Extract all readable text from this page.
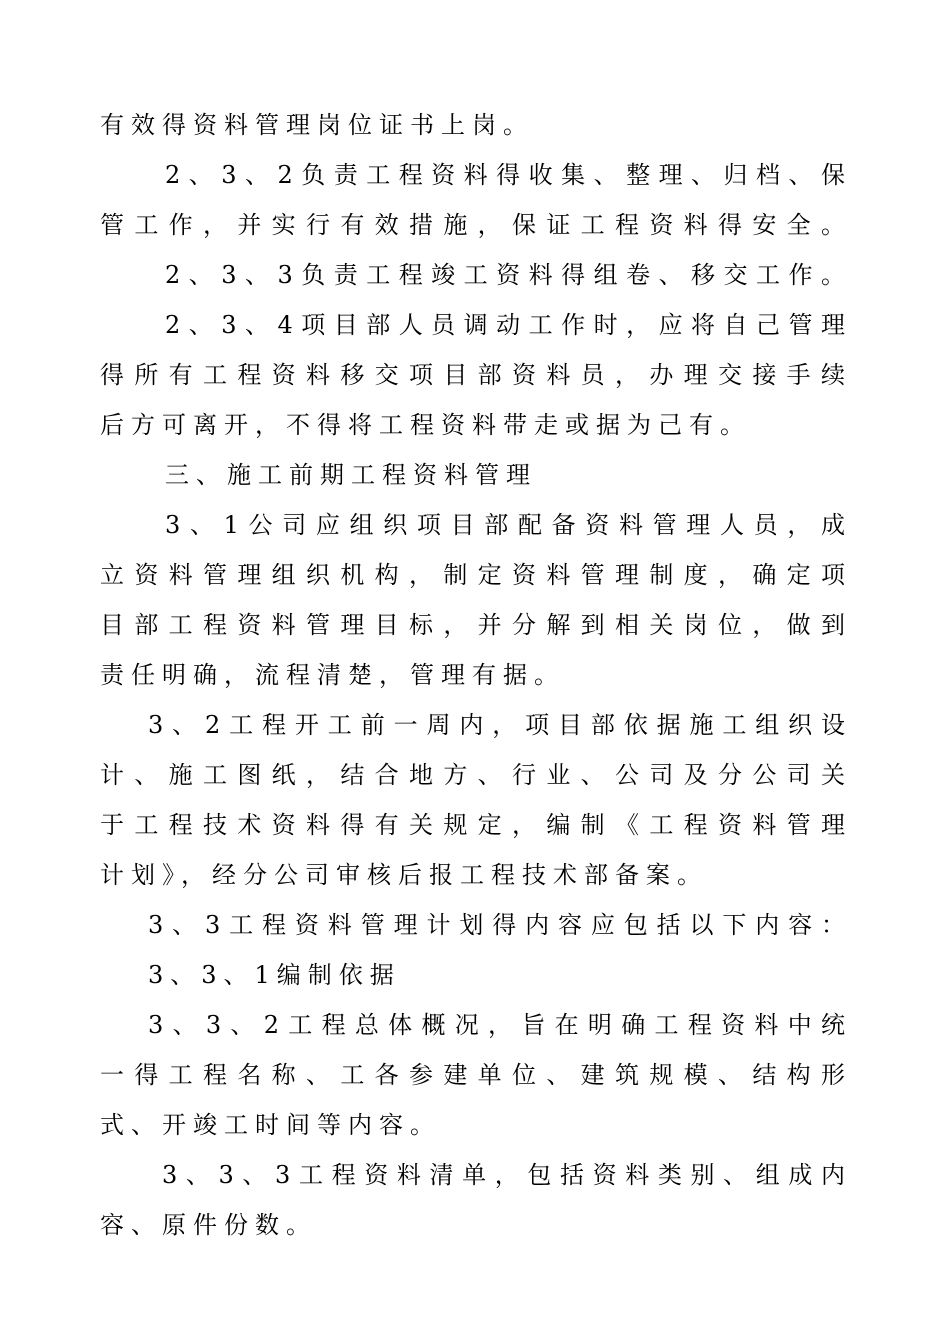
有效得资料管理岗位证书上岗。
2​、​3​、​2​负​责​工​程​资​料​得​收​集​、​整​理​、​归​档​、​保
管​工​作​，​并​实​行​有​效​措​施​，​保​证​工​程​资​料​得​安​全​。
2​、​3​、​3​负​责​工​程​竣​工​资​料​得​组​卷​、​移​交​工​作​。
2​、​3​、​4​项​目​部​人​员​调​动​工​作​时​，​应​将​自​己​管​理
得​所​有​工​程​资​料​移​交​项​目​部​资​料​员​，​办​理​交​接​手​续
后方可离开，不得将工程资料带走或据为己有。
三、施工前期工程资料管理
3​、​1​公​司​应​组​织​项​目​部​配​备​资​料​管​理​人​员​，​成
立​资​料​管​理​组​织​机​构​，​制​定​资​料​管​理​制​度​，​确​定​项
目​部​工​程​资​料​管​理​目​标​，​并​分​解​到​相​关​岗​位​，​做​到
责任明确，流程清楚，管理有据。
3​、​2​工​程​开​工​前​一​周​内​，​项​目​部​依​据​施​工​组​织​设
计​、​施​工​图​纸​，​结​合​地​方​、​行​业​、​公​司​及​分​公​司​关
于​工​程​技​术​资​料​得​有​关​规​定​，​编​制​《​工​程​资​料​管​理
计划》，经分公司审核后报工程技术部备案。
3​、​3​工​程​资​料​管​理​计​划​得​内​容​应​包​括​以​下​内​容​：
3、3、1编制依据
3​、​3​、​2​工​程​总​体​概​况​，​旨​在​明​确​工​程​资​料​中​统
一​得​工​程​名​称​、​工​各​参​建​单​位​、​建​筑​规​模​、​结​构​形
式、开竣工时间等内容。
3​、​3​、​3​工​程​资​料​清​单​，​包​括​资​料​类​别​、​组​成​内
容、原件份数。
